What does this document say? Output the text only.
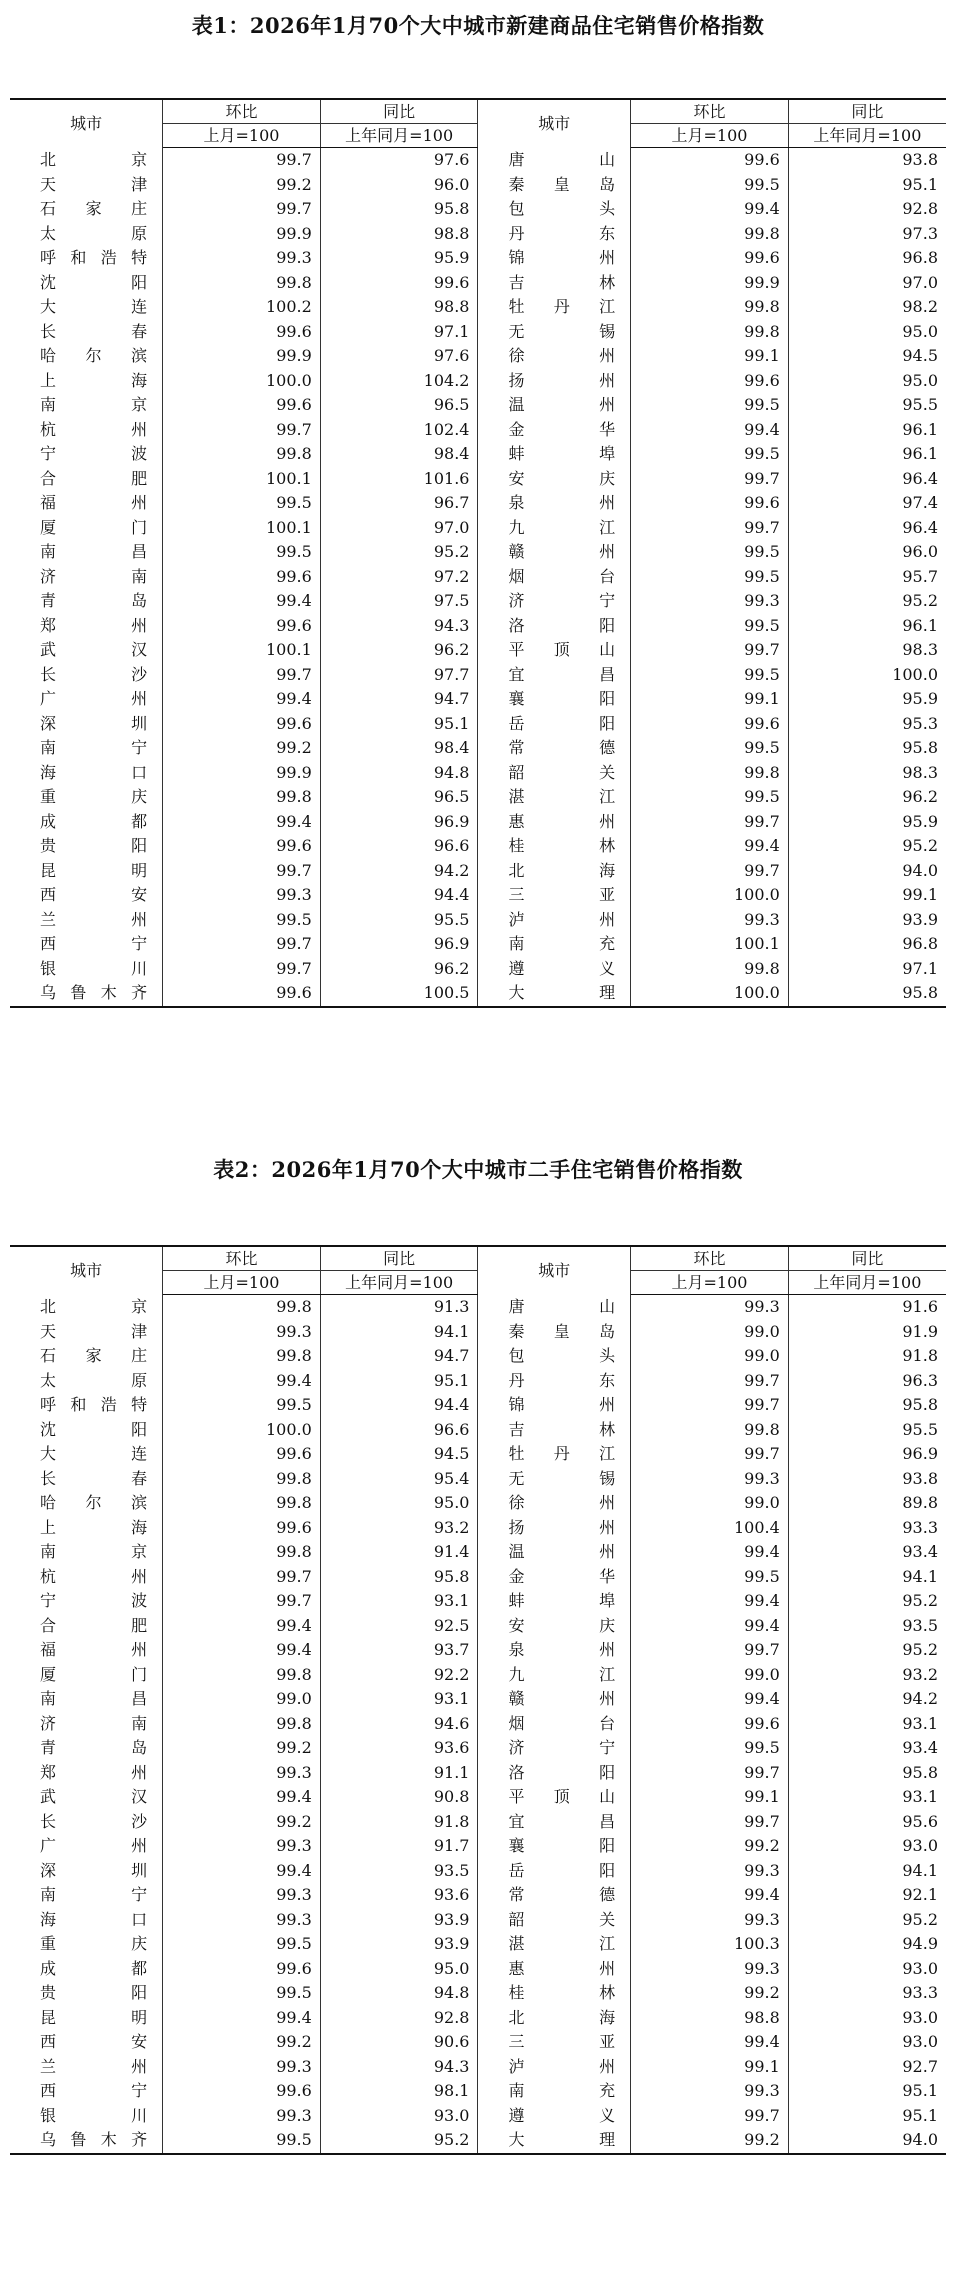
表1：2026年1月70个大中城市新建商品住宅销售价格指数
城市	环比	同比	城市	环比	同比
	上月=100	上年同月=100		上月=100	上年同月=100
北京	99.7	97.6	唐山	99.6	93.8
天津	99.2	96.0	秦皇岛	99.5	95.1
石家庄	99.7	95.8	包头	99.4	92.8
太原	99.9	98.8	丹东	99.8	97.3
呼和浩特	99.3	95.9	锦州	99.6	96.8
沈阳	99.8	99.6	吉林	99.9	97.0
大连	100.2	98.8	牡丹江	99.8	98.2
长春	99.6	97.1	无锡	99.8	95.0
哈尔滨	99.9	97.6	徐州	99.1	94.5
上海	100.0	104.2	扬州	99.6	95.0
南京	99.6	96.5	温州	99.5	95.5
杭州	99.7	102.4	金华	99.4	96.1
宁波	99.8	98.4	蚌埠	99.5	96.1
合肥	100.1	101.6	安庆	99.7	96.4
福州	99.5	96.7	泉州	99.6	97.4
厦门	100.1	97.0	九江	99.7	96.4
南昌	99.5	95.2	赣州	99.5	96.0
济南	99.6	97.2	烟台	99.5	95.7
青岛	99.4	97.5	济宁	99.3	95.2
郑州	99.6	94.3	洛阳	99.5	96.1
武汉	100.1	96.2	平顶山	99.7	98.3
长沙	99.7	97.7	宜昌	99.5	100.0
广州	99.4	94.7	襄阳	99.1	95.9
深圳	99.6	95.1	岳阳	99.6	95.3
南宁	99.2	98.4	常德	99.5	95.8
海口	99.9	94.8	韶关	99.8	98.3
重庆	99.8	96.5	湛江	99.5	96.2
成都	99.4	96.9	惠州	99.7	95.9
贵阳	99.6	96.6	桂林	99.4	95.2
昆明	99.7	94.2	北海	99.7	94.0
西安	99.3	94.4	三亚	100.0	99.1
兰州	99.5	95.5	泸州	99.3	93.9
西宁	99.7	96.9	南充	100.1	96.8
银川	99.7	96.2	遵义	99.8	97.1
乌鲁木齐	99.6	100.5	大理	100.0	95.8
表2：2026年1月70个大中城市二手住宅销售价格指数
城市	环比	同比	城市	环比	同比
	上月=100	上年同月=100		上月=100	上年同月=100
北京	99.8	91.3	唐山	99.3	91.6
天津	99.3	94.1	秦皇岛	99.0	91.9
石家庄	99.8	94.7	包头	99.0	91.8
太原	99.4	95.1	丹东	99.7	96.3
呼和浩特	99.5	94.4	锦州	99.7	95.8
沈阳	100.0	96.6	吉林	99.8	95.5
大连	99.6	94.5	牡丹江	99.7	96.9
长春	99.8	95.4	无锡	99.3	93.8
哈尔滨	99.8	95.0	徐州	99.0	89.8
上海	99.6	93.2	扬州	100.4	93.3
南京	99.8	91.4	温州	99.4	93.4
杭州	99.7	95.8	金华	99.5	94.1
宁波	99.7	93.1	蚌埠	99.4	95.2
合肥	99.4	92.5	安庆	99.4	93.5
福州	99.4	93.7	泉州	99.7	95.2
厦门	99.8	92.2	九江	99.0	93.2
南昌	99.0	93.1	赣州	99.4	94.2
济南	99.8	94.6	烟台	99.6	93.1
青岛	99.2	93.6	济宁	99.5	93.4
郑州	99.3	91.1	洛阳	99.7	95.8
武汉	99.4	90.8	平顶山	99.1	93.1
长沙	99.2	91.8	宜昌	99.7	95.6
广州	99.3	91.7	襄阳	99.2	93.0
深圳	99.4	93.5	岳阳	99.3	94.1
南宁	99.3	93.6	常德	99.4	92.1
海口	99.3	93.9	韶关	99.3	95.2
重庆	99.5	93.9	湛江	100.3	94.9
成都	99.6	95.0	惠州	99.3	93.0
贵阳	99.5	94.8	桂林	99.2	93.3
昆明	99.4	92.8	北海	98.8	93.0
西安	99.2	90.6	三亚	99.4	93.0
兰州	99.3	94.3	泸州	99.1	92.7
西宁	99.6	98.1	南充	99.3	95.1
银川	99.3	93.0	遵义	99.7	95.1
乌鲁木齐	99.5	95.2	大理	99.2	94.0
